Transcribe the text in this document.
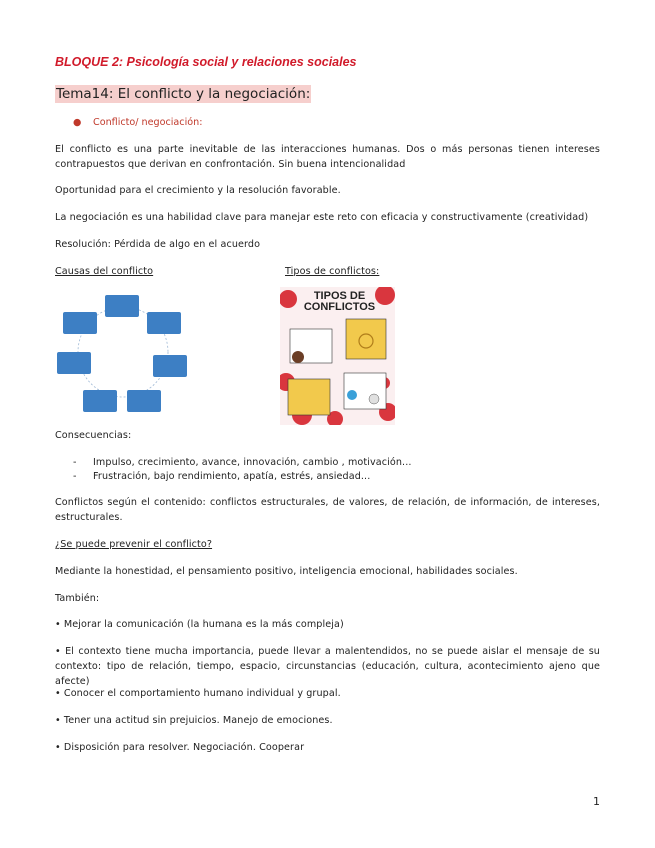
BLOQUE 2: Psicología social y relaciones sociales
Tema14: El conflicto y la negociación:
● Conflicto/ negociación:
El conflicto es una parte inevitable de las interacciones humanas. Dos o más personas tienen intereses contrapuestos que derivan en confrontación. Sin buena intencionalidad
Oportunidad para el crecimiento y la resolución favorable.
La negociación es una habilidad clave para manejar este reto con eficacia y constructivamente (creatividad)
Resolución: Pérdida de algo en el acuerdo
Causas del conflicto	Tipos de conflictos:
TIPOS DE CONFLICTOS
Consecuencias:
- Impulso, crecimiento, avance, innovación, cambio , motivación...
- Frustración, bajo rendimiento, apatía, estrés, ansiedad...
Conflictos según el contenido: conflictos estructurales, de valores, de relación, de información, de intereses, estructurales.
¿Se puede prevenir el conflicto?
Mediante la honestidad, el pensamiento positivo, inteligencia emocional, habilidades sociales.
También:
• Mejorar la comunicación (la humana es la más compleja)
• El contexto tiene mucha importancia, puede llevar a malentendidos, no se puede aislar el mensaje de su contexto: tipo de relación, tiempo, espacio, circunstancias (educación, cultura, acontecimiento ajeno que afecte)
• Conocer el comportamiento humano individual y grupal.
• Tener una actitud sin prejuicios. Manejo de emociones.
• Disposición para resolver. Negociación. Cooperar
1
